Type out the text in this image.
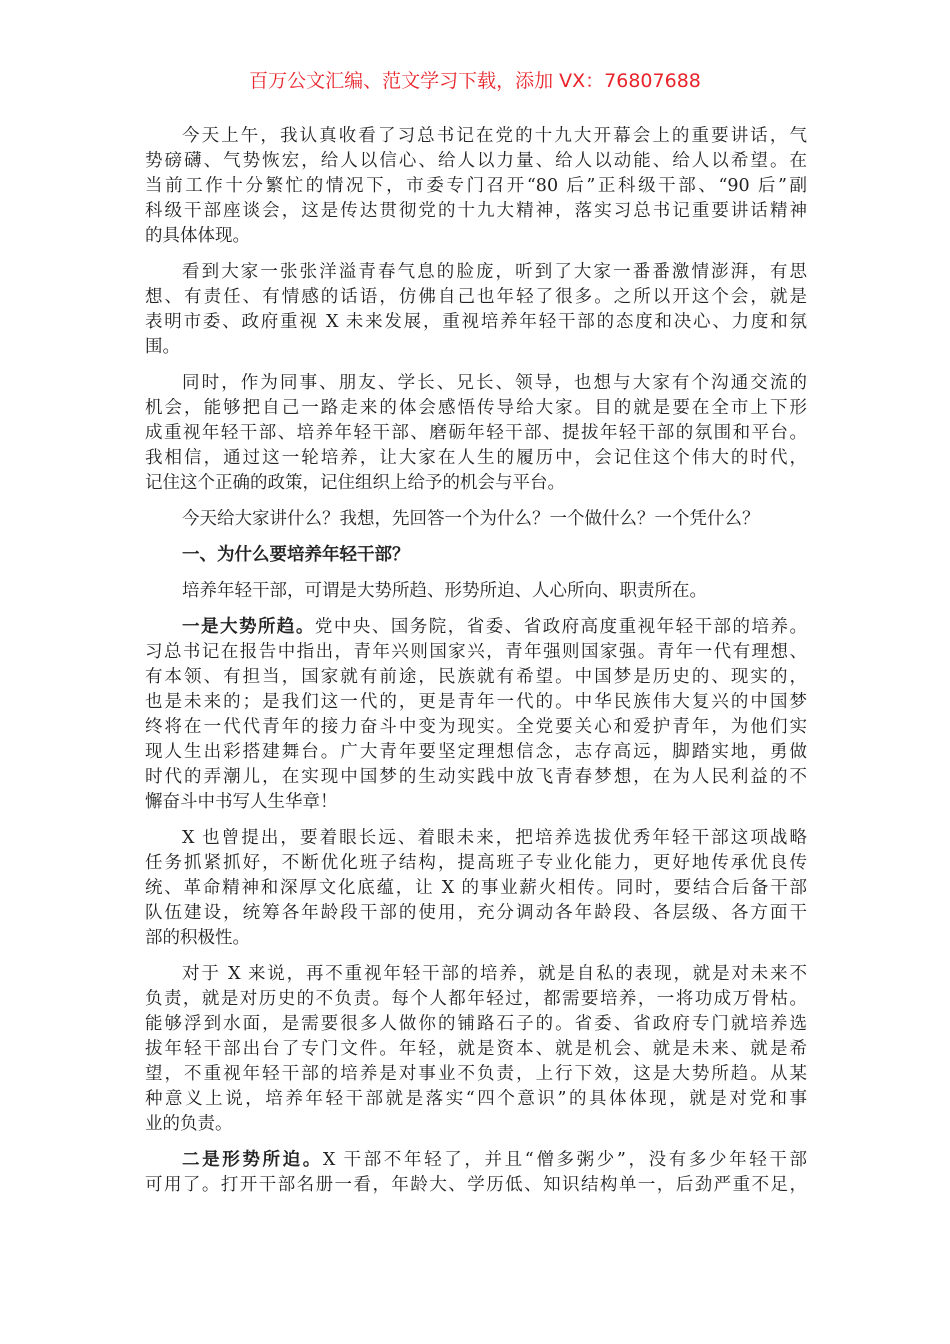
百万公文汇编、范文学习下载，添加 VX：76807688
今天上午，我认真收看了习总书记在党的十九大开幕会上的重要讲话，气
势磅礴、气势恢宏，给人以信心、给人以力量、给人以动能、给人以希望。在
当前工作十分繁忙的情况下，市委专门召开“80 后”正科级干部、“90 后”副
科级干部座谈会，这是传达贯彻党的十九大精神，落实习总书记重要讲话精神
的具体体现。
看到大家一张张洋溢青春气息的脸庞，听到了大家一番番激情澎湃，有思
想、有责任、有情感的话语，仿佛自己也年轻了很多。之所以开这个会，就是
表明市委、政府重视 X 未来发展，重视培养年轻干部的态度和决心、力度和氛
围。
同时，作为同事、朋友、学长、兄长、领导，也想与大家有个沟通交流的
机会，能够把自己一路走来的体会感悟传导给大家。目的就是要在全市上下形
成重视年轻干部、培养年轻干部、磨砺年轻干部、提拔年轻干部的氛围和平台。
我相信，通过这一轮培养，让大家在人生的履历中，会记住这个伟大的时代，
记住这个正确的政策，记住组织上给予的机会与平台。
今天给大家讲什么？我想，先回答一个为什么？一个做什么？一个凭什么？
一、为什么要培养年轻干部？
培养年轻干部，可谓是大势所趋、形势所迫、人心所向、职责所在。
一是大势所趋。党中央、国务院，省委、省政府高度重视年轻干部的培养。
习总书记在报告中指出，青年兴则国家兴，青年强则国家强。青年一代有理想、
有本领、有担当，国家就有前途，民族就有希望。中国梦是历史的、现实的，
也是未来的；是我们这一代的，更是青年一代的。中华民族伟大复兴的中国梦
终将在一代代青年的接力奋斗中变为现实。全党要关心和爱护青年，为他们实
现人生出彩搭建舞台。广大青年要坚定理想信念，志存高远，脚踏实地，勇做
时代的弄潮儿，在实现中国梦的生动实践中放飞青春梦想，在为人民利益的不
懈奋斗中书写人生华章！
X 也曾提出，要着眼长远、着眼未来，把培养选拔优秀年轻干部这项战略
任务抓紧抓好，不断优化班子结构，提高班子专业化能力，更好地传承优良传
统、革命精神和深厚文化底蕴，让 X 的事业薪火相传。同时，要结合后备干部
队伍建设，统筹各年龄段干部的使用，充分调动各年龄段、各层级、各方面干
部的积极性。
对于 X 来说，再不重视年轻干部的培养，就是自私的表现，就是对未来不
负责，就是对历史的不负责。每个人都年轻过，都需要培养，一将功成万骨枯。
能够浮到水面，是需要很多人做你的铺路石子的。省委、省政府专门就培养选
拔年轻干部出台了专门文件。年轻，就是资本、就是机会、就是未来、就是希
望，不重视年轻干部的培养是对事业不负责，上行下效，这是大势所趋。从某
种意义上说，培养年轻干部就是落实“四个意识”的具体体现，就是对党和事
业的负责。
二是形势所迫。X 干部不年轻了，并且“僧多粥少”，没有多少年轻干部
可用了。打开干部名册一看，年龄大、学历低、知识结构单一，后劲严重不足，
